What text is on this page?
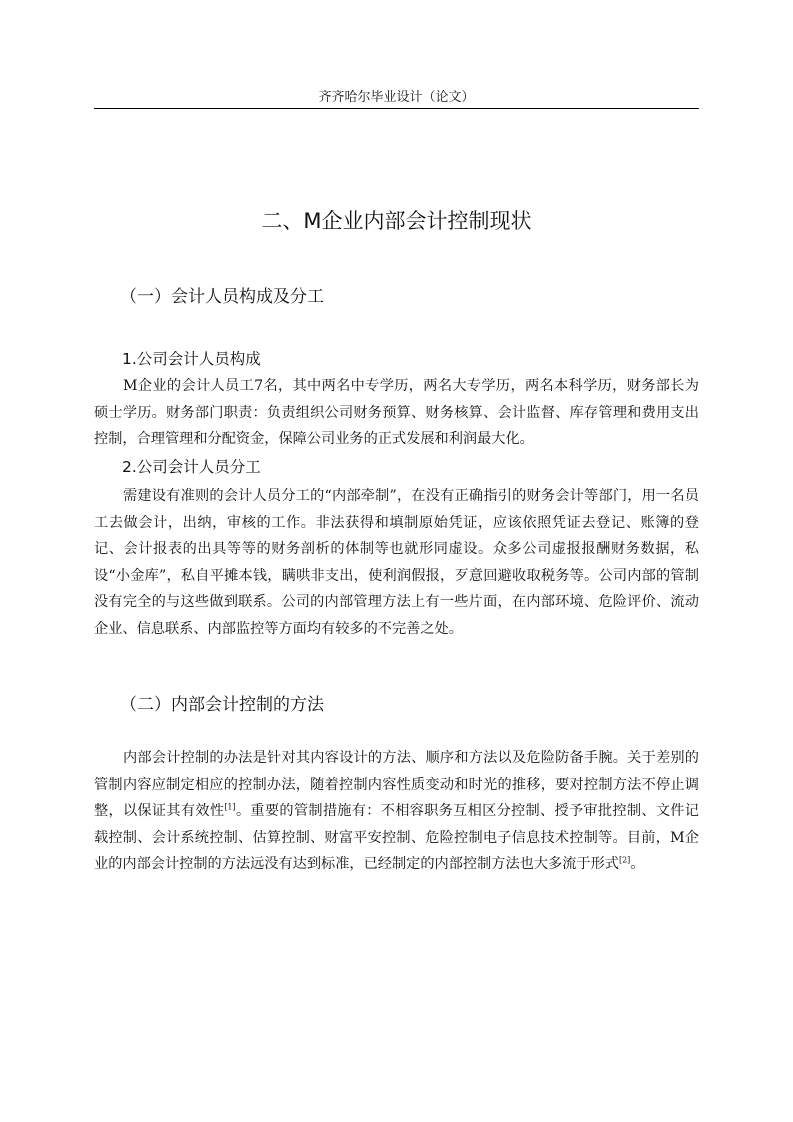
齐齐哈尔毕业设计（论文）
二、M企业内部会计控制现状
（一）会计人员构成及分工
1.公司会计人员构成

M企业的会计人员工7名，其中两名中专学历，两名大专学历，两名本科学历，财务部长为硕士学历。财务部门职责：负责组织公司财务预算、财务核算、会计监督、库存管理和费用支出控制，合理管理和分配资金，保障公司业务的正式发展和利润最大化。

2.公司会计人员分工

需建设有准则的会计人员分工的“内部牵制”，在没有正确指引的财务会计等部门，用一名员工去做会计，出纳，审核的工作。非法获得和填制原始凭证，应该依照凭证去登记、账簿的登记、会计报表的出具等等的财务剖析的体制等也就形同虚设。众多公司虚报报酬财务数据，私设“小金库”，私自平摊本钱，瞒哄非支出，使利润假报，歹意回避收取税务等。公司内部的管制没有完全的与这些做到联系。公司的内部管理方法上有一些片面，在内部环境、危险评价、流动企业、信息联系、内部监控等方面均有较多的不完善之处。

（二）内部会计控制的方法

内部会计控制的办法是针对其内容设计的方法、顺序和方法以及危险防备手腕。关于差别的管制内容应制定相应的控制办法，随着控制内容性质变动和时光的推移，要对控制方法不停止调整，以保证其有效性[1]。重要的管制措施有：不相容职务互相区分控制、授予审批控制、文件记载控制、会计系统控制、估算控制、财富平安控制、危险控制电子信息技术控制等。目前，M企业的内部会计控制的方法远没有达到标准，已经制定的内部控制方法也大多流于形式[2]。
